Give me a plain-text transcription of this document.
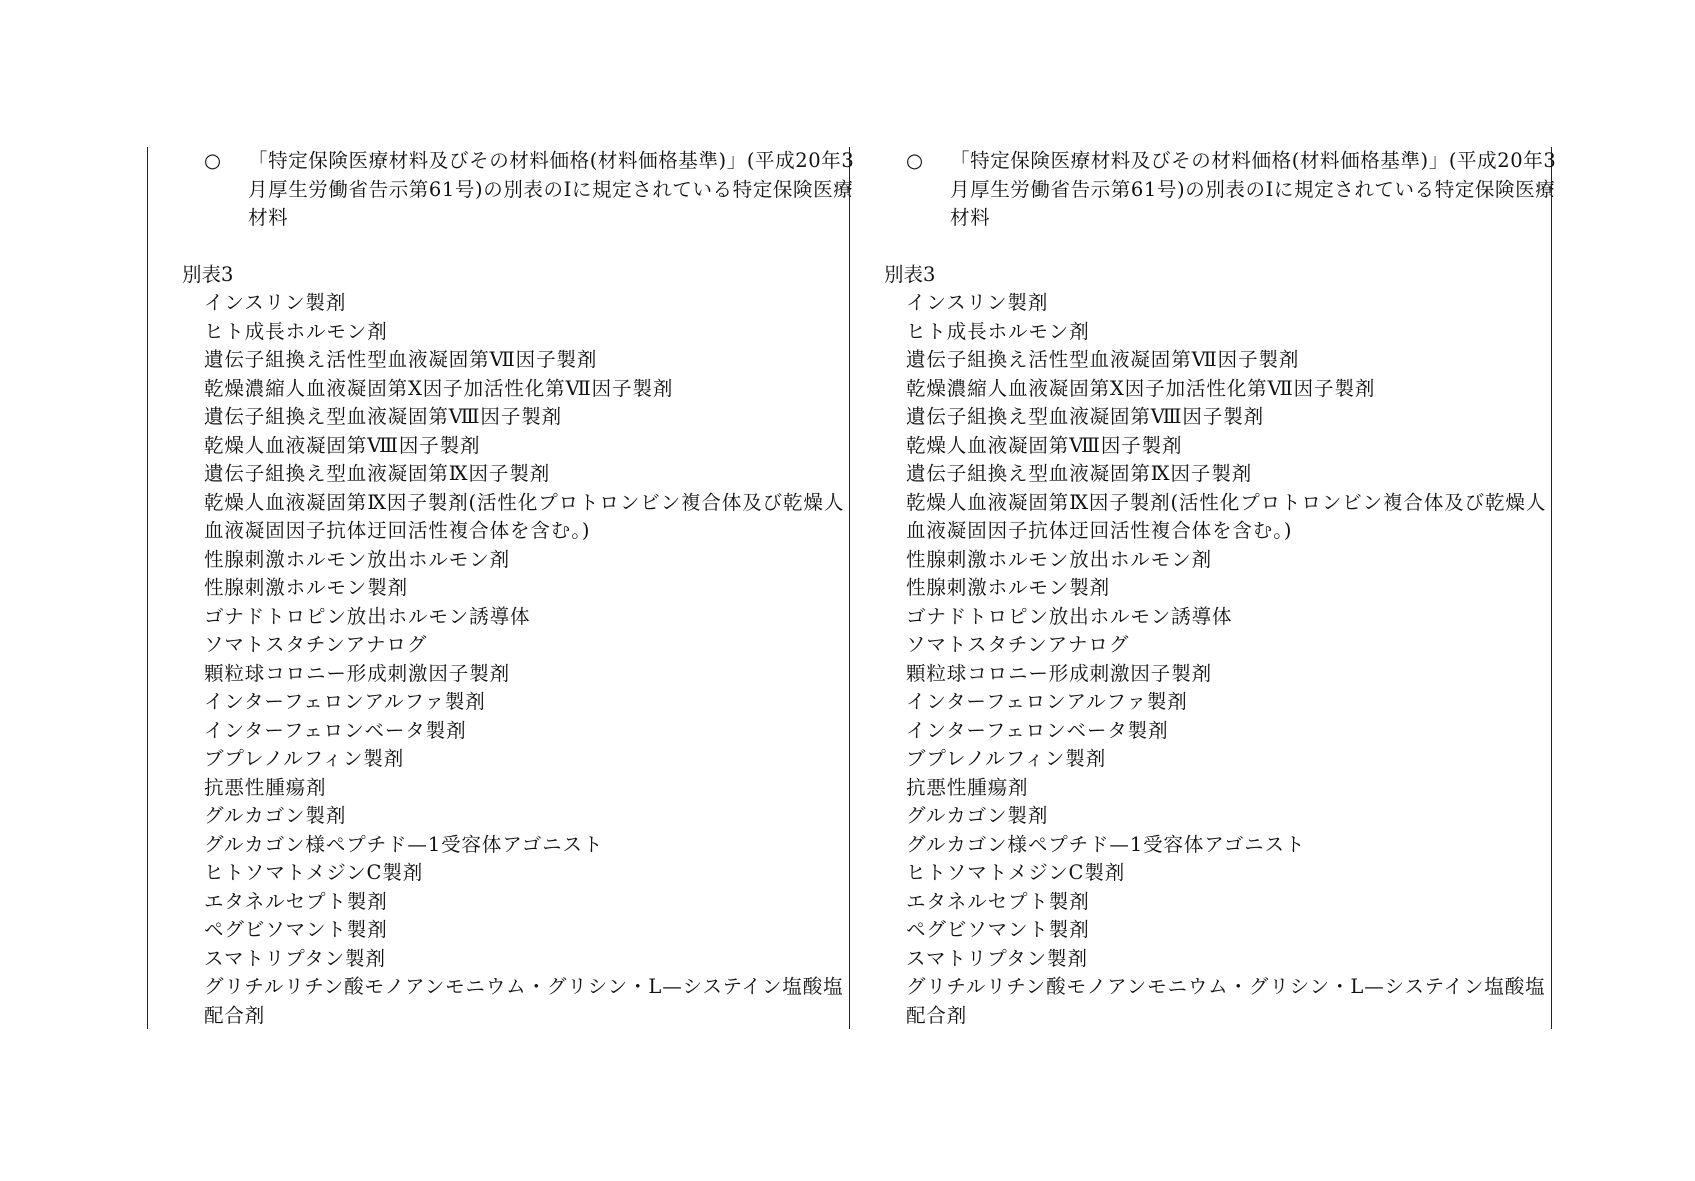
○	「特定保険医療材料及びその材料価格(材料価格基準)」(平成20年3月厚生労働省告示第61号)の別表のⅠに規定されている特定保険医療材料
別表3
インスリン製剤
ヒト成長ホルモン剤
遺伝子組換え活性型血液凝固第Ⅶ因子製剤
乾燥濃縮人血液凝固第Ⅹ因子加活性化第Ⅶ因子製剤
遺伝子組換え型血液凝固第Ⅷ因子製剤
乾燥人血液凝固第Ⅷ因子製剤
遺伝子組換え型血液凝固第Ⅸ因子製剤
乾燥人血液凝固第Ⅸ因子製剤(活性化プロトロンビン複合体及び乾燥人血液凝固因子抗体迂回活性複合体を含む。)
性腺刺激ホルモン放出ホルモン剤
性腺刺激ホルモン製剤
ゴナドトロピン放出ホルモン誘導体
ソマトスタチンアナログ
顆粒球コロニー形成刺激因子製剤
インターフェロンアルファ製剤
インターフェロンベータ製剤
ブプレノルフィン製剤
抗悪性腫瘍剤
グルカゴン製剤
グルカゴン様ペプチド—1受容体アゴニスト
ヒトソマトメジンC製剤
エタネルセプト製剤
ペグビソマント製剤
スマトリプタン製剤
グリチルリチン酸モノアンモニウム・グリシン・L—システイン塩酸塩配合剤
○	「特定保険医療材料及びその材料価格(材料価格基準)」(平成20年3月厚生労働省告示第61号)の別表のⅠに規定されている特定保険医療材料
別表3
インスリン製剤
ヒト成長ホルモン剤
遺伝子組換え活性型血液凝固第Ⅶ因子製剤
乾燥濃縮人血液凝固第Ⅹ因子加活性化第Ⅶ因子製剤
遺伝子組換え型血液凝固第Ⅷ因子製剤
乾燥人血液凝固第Ⅷ因子製剤
遺伝子組換え型血液凝固第Ⅸ因子製剤
乾燥人血液凝固第Ⅸ因子製剤(活性化プロトロンビン複合体及び乾燥人血液凝固因子抗体迂回活性複合体を含む。)
性腺刺激ホルモン放出ホルモン剤
性腺刺激ホルモン製剤
ゴナドトロピン放出ホルモン誘導体
ソマトスタチンアナログ
顆粒球コロニー形成刺激因子製剤
インターフェロンアルファ製剤
インターフェロンベータ製剤
ブプレノルフィン製剤
抗悪性腫瘍剤
グルカゴン製剤
グルカゴン様ペプチド—1受容体アゴニスト
ヒトソマトメジンC製剤
エタネルセプト製剤
ペグビソマント製剤
スマトリプタン製剤
グリチルリチン酸モノアンモニウム・グリシン・L—システイン塩酸塩配合剤
